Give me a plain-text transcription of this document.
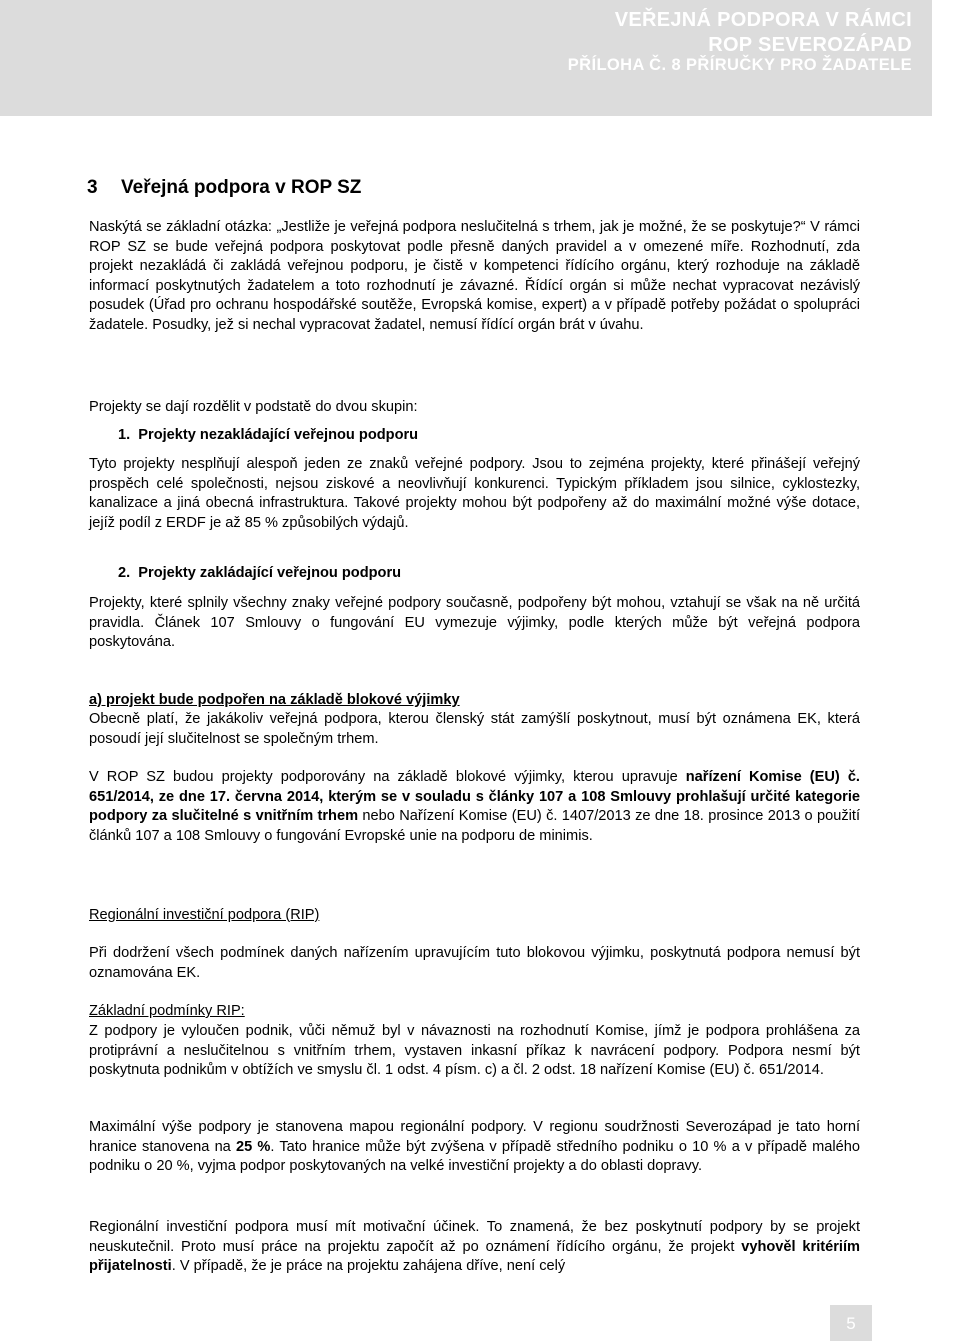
VEŘEJNÁ PODPORA V RÁMCI
ROP SEVEROZÁPAD
PŘÍLOHA Č. 8 PŘÍRUČKY PRO ŽADATELE
3 Veřejná podpora v ROP SZ

Naskýtá se základní otázka: „Jestliže je veřejná podpora neslučitelná s trhem, jak je možné, že se poskytuje?“ V rámci ROP SZ se bude veřejná podpora poskytovat podle přesně daných pravidel a v omezené míře. Rozhodnutí, zda projekt nezakládá či zakládá veřejnou podporu, je čistě v kompetenci řídícího orgánu, který rozhoduje na základě informací poskytnutých žadatelem a toto rozhodnutí je závazné. Řídící orgán si může nechat vypracovat nezávislý posudek (Úřad pro ochranu hospodářské soutěže, Evropská komise, expert) a v případě potřeby požádat o spolupráci žadatele. Posudky, jež si nechal vypracovat žadatel, nemusí řídící orgán brát v úvahu.

Projekty se dají rozdělit v podstatě do dvou skupin:

1. Projekty nezakládající veřejnou podporu

Tyto projekty nesplňují alespoň jeden ze znaků veřejné podpory. Jsou to zejména projekty, které přinášejí veřejný prospěch celé společnosti, nejsou ziskové a neovlivňují konkurenci. Typickým příkladem jsou silnice, cyklostezky, kanalizace a jiná obecná infrastruktura. Takové projekty mohou být podpořeny až do maximální možné výše dotace, jejíž podíl z ERDF je až 85 % způsobilých výdajů.

2. Projekty zakládající veřejnou podporu

Projekty, které splnily všechny znaky veřejné podpory současně, podpořeny být mohou, vztahují se však na ně určitá pravidla. Článek 107 Smlouvy o fungování EU vymezuje výjimky, podle kterých může být veřejná podpora poskytována.

a) projekt bude podpořen na základě blokové výjimky

Obecně platí, že jakákoliv veřejná podpora, kterou členský stát zamýšlí poskytnout, musí být oznámena EK, která posoudí její slučitelnost se společným trhem.

V ROP SZ budou projekty podporovány na základě blokové výjimky, kterou upravuje nařízení Komise (EU) č. 651/2014, ze dne 17. června 2014, kterým se v souladu s články 107 a 108 Smlouvy prohlašují určité kategorie podpory za slučitelné s vnitřním trhem nebo Nařízení Komise (EU) č. 1407/2013 ze dne 18. prosince 2013 o použití článků 107 a 108 Smlouvy o fungování Evropské unie na podporu de minimis.

Regionální investiční podpora (RIP)

Při dodržení všech podmínek daných nařízením upravujícím tuto blokovou výjimku, poskytnutá podpora nemusí být oznamována EK.

Základní podmínky RIP:

Z podpory je vyloučen podnik, vůči němuž byl v návaznosti na rozhodnutí Komise, jímž je podpora prohlášena za protiprávní a neslučitelnou s vnitřním trhem, vystaven inkasní příkaz k navrácení podpory. Podpora nesmí být poskytnuta podnikům v obtížích ve smyslu čl. 1 odst. 4 písm. c) a čl. 2 odst. 18 nařízení Komise (EU) č. 651/2014.

Maximální výše podpory je stanovena mapou regionální podpory. V regionu soudržnosti Severozápad je tato horní hranice stanovena na 25 %. Tato hranice může být zvýšena v případě středního podniku o 10 % a v případě malého podniku o 20 %, vyjma podpor poskytovaných na velké investiční projekty a do oblasti dopravy.

Regionální investiční podpora musí mít motivační účinek. To znamená, že bez poskytnutí podpory by se projekt neuskutečnil. Proto musí práce na projektu započít až po oznámení řídícího orgánu, že projekt vyhověl kritériím přijatelnosti. V případě, že je práce na projektu zahájena dříve, není celý

5
